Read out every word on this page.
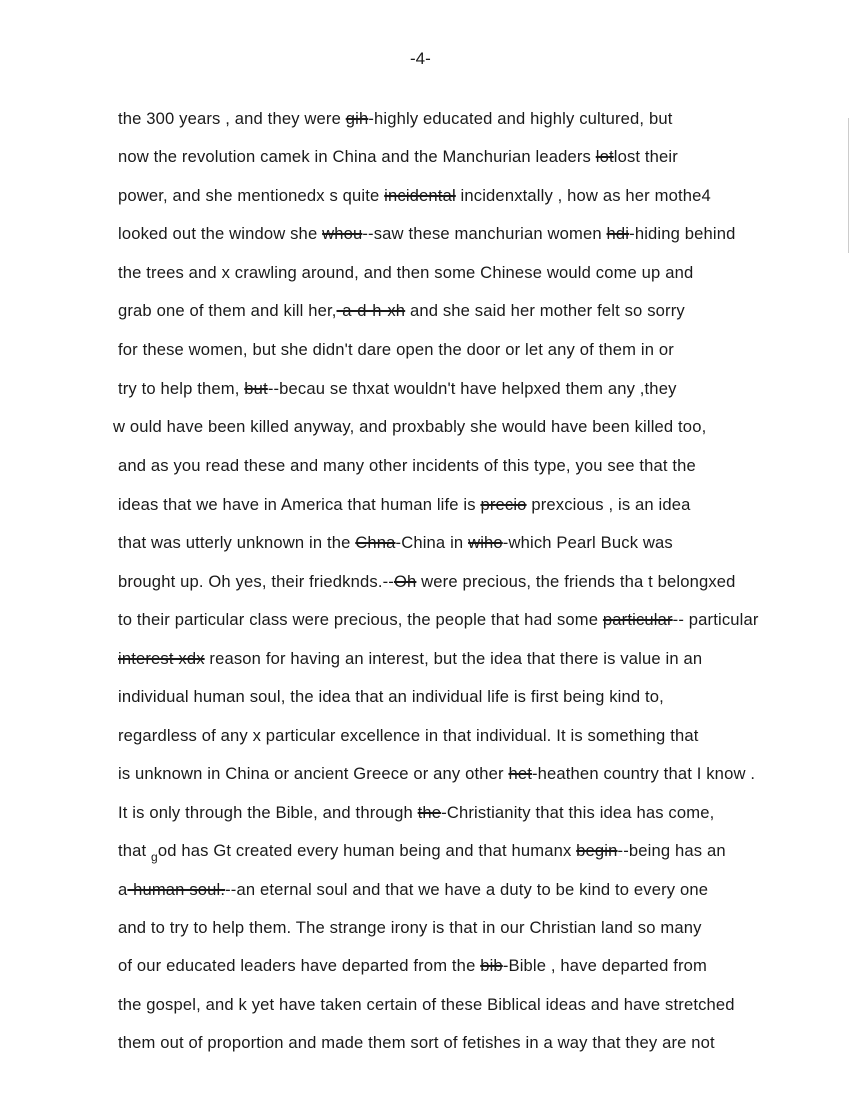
-4-
the 300 years , and they were gih-highly educated and highly cultured, but
now the revolution camek in China and the Manchurian leaders lotlost their
power, and she mentionedx s quite incidental incidenxtally , how as her mothe4
looked out the window she whou--saw these manchurian women hdi-hiding behind
the trees and x crawling around, and then some Chinese would come up and
grab one of them and kill her,-a-d-h-xh and she said her mother felt so sorry
for these women, but she didn't dare open the door or let any of them in or
try to help them, but--becau se thxat wouldn't have helpxed them any ,they
w ould have been killed anyway, and proxbably she would have been killed too,
and as you read these and many other incidents of this type, you see that the
ideas that we have in America that human life is precio prexcious , is an idea
that was utterly unknown in the Chna-China in wiho-which Pearl Buck was
brought up. Oh yes, their friedknds.--Oh were precious, the friends tha t belongxed
to their particular class were precious, the people that had some particular-- particular
interest xdx reason for having an interest, but the idea that there is value in an
individual human soul, the idea that an individual life is first being kind to,
regardless of any x particular excellence in that individual. It is something that
is unknown in China or ancient Greece or any other het-heathen country that I know .
It is only through the Bible, and through the-Christianity that this idea has come,
that $_g$od has Gt created every human being and that humanx begin--being has an
a-human soul.--an eternal soul and that we have a duty to be kind to every one
and to try to help them. The strange irony is that in our Christian land so many
of our educated leaders have departed from the bib-Bible , have departed from
the gospel, and k yet have taken certain of these Biblical ideas and have stretched
them out of proportion and made them sort of fetishes in a way that they are not
